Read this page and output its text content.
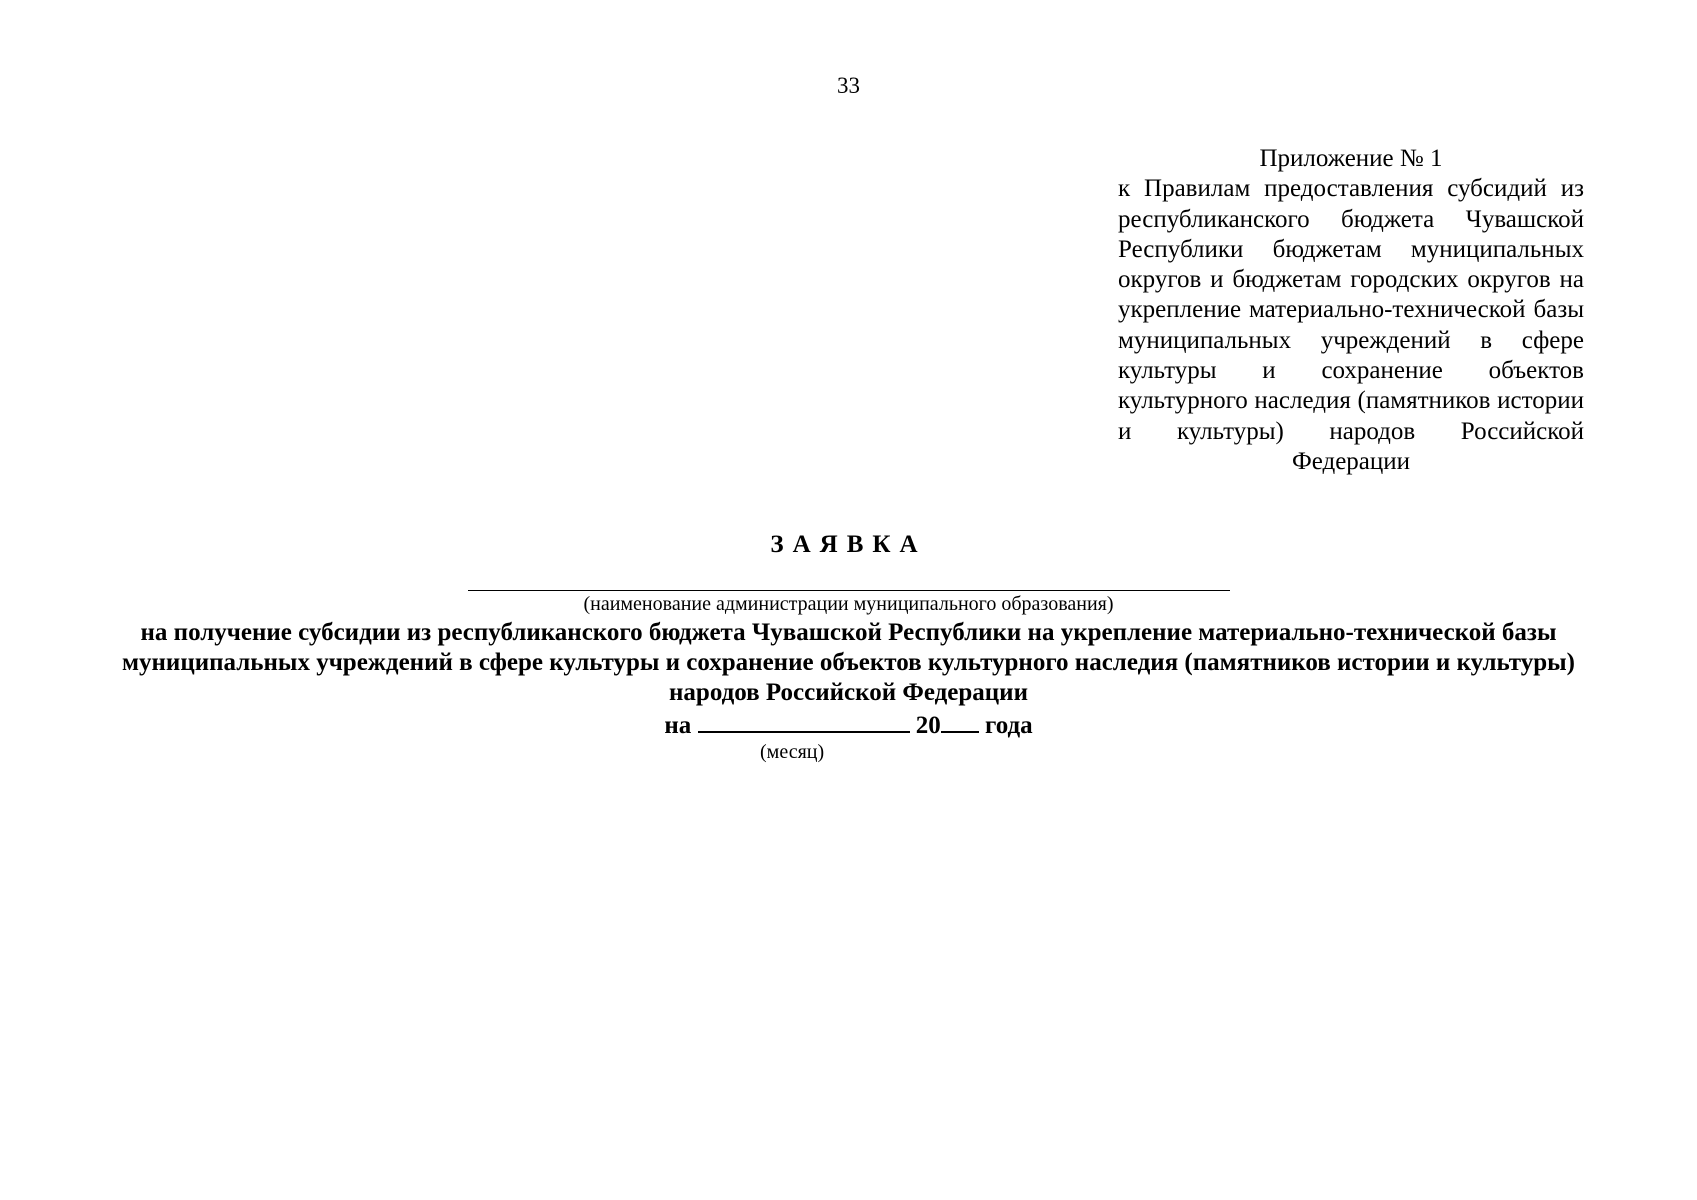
33
Приложение № 1
к Правилам предоставления субсидий из республиканского бюджета Чувашской Республики бюджетам муниципальных округов и бюджетам городских округов на укрепление материально-технической базы муниципальных учреждений в сфере культуры и сохранение объектов культурного наследия (памятников истории и культуры) народов Российской Федерации
ЗАЯВКА
(наименование администрации муниципального образования)
на получение субсидии из республиканского бюджета Чувашской Республики на укрепление материально-технической базы муниципальных учреждений в сфере культуры и сохранение объектов культурного наследия (памятников истории и культуры) народов Российской Федерации
на	20 года
(месяц)
